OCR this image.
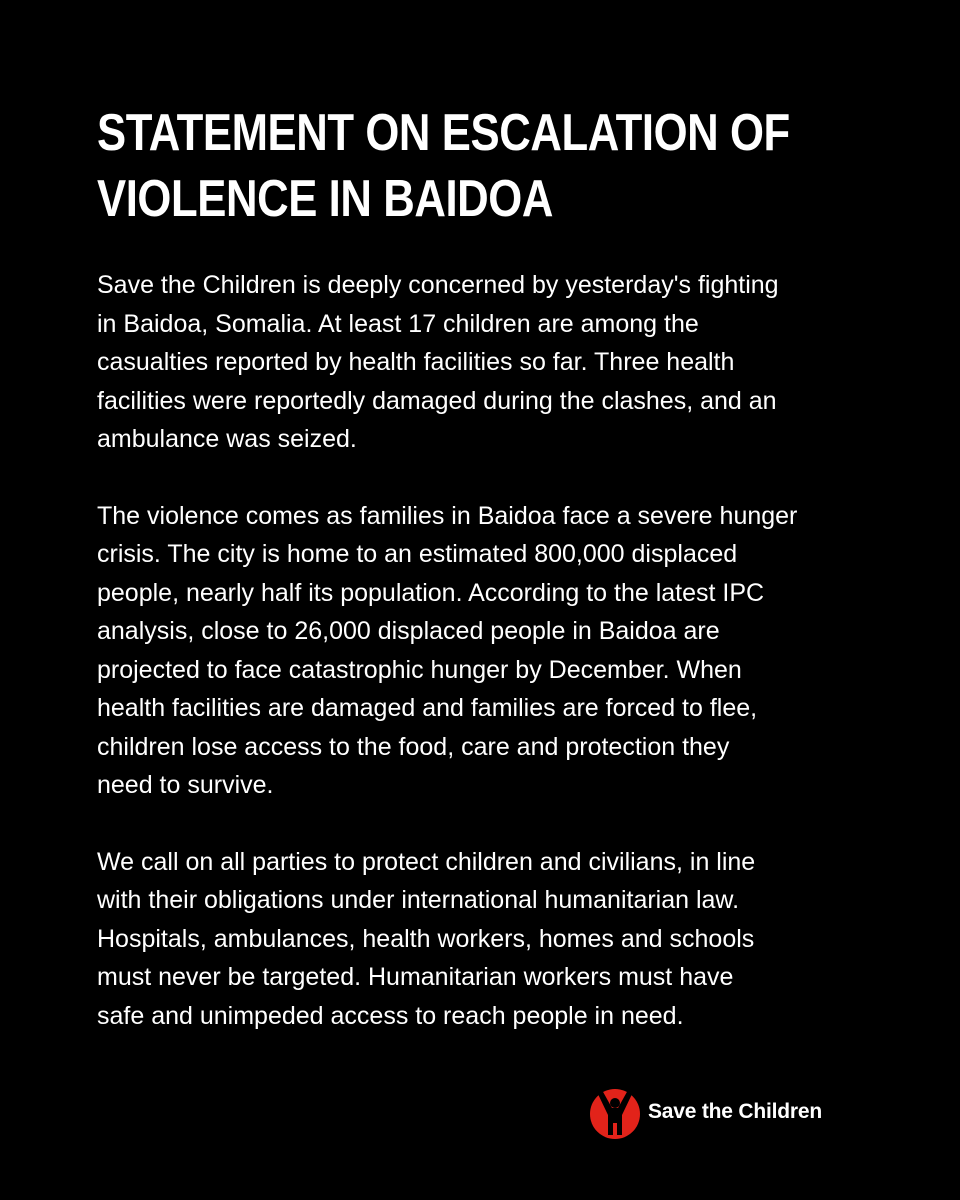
STATEMENT ON ESCALATION OF
VIOLENCE IN BAIDOA

Save the Children is deeply concerned by yesterday's fighting
in Baidoa, Somalia. At least 17 children are among the
casualties reported by health facilities so far. Three health
facilities were reportedly damaged during the clashes, and an
ambulance was seized.

The violence comes as families in Baidoa face a severe hunger
crisis. The city is home to an estimated 800,000 displaced
people, nearly half its population. According to the latest IPC
analysis, close to 26,000 displaced people in Baidoa are
projected to face catastrophic hunger by December. When
health facilities are damaged and families are forced to flee,
children lose access to the food, care and protection they
need to survive.

We call on all parties to protect children and civilians, in line
with their obligations under international humanitarian law.
Hospitals, ambulances, health workers, homes and schools
must never be targeted. Humanitarian workers must have
safe and unimpeded access to reach people in need.

Save the Children
